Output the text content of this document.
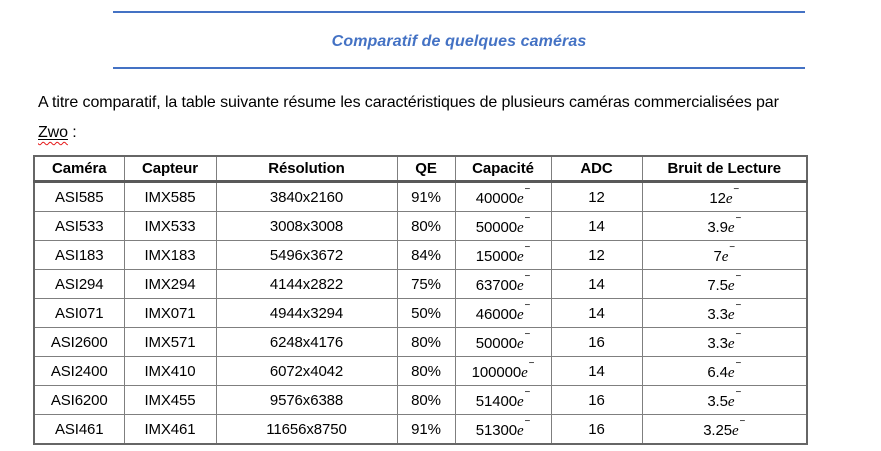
Comparatif de quelques caméras

A titre comparatif, la table suivante résume les caractéristiques de plusieurs caméras commercialisées par
Zwo :

Caméra	Capteur	Résolution	QE	Capacité	ADC	Bruit de Lecture
ASI585	IMX585	3840x2160	91%	40000e−	12	12e−
ASI533	IMX533	3008x3008	80%	50000e−	14	3.9e−
ASI183	IMX183	5496x3672	84%	15000e−	12	7e−
ASI294	IMX294	4144x2822	75%	63700e−	14	7.5e−
ASI071	IMX071	4944x3294	50%	46000e−	14	3.3e−
ASI2600	IMX571	6248x4176	80%	50000e−	16	3.3e−
ASI2400	IMX410	6072x4042	80%	100000e−	14	6.4e−
ASI6200	IMX455	9576x6388	80%	51400e−	16	3.5e−
ASI461	IMX461	11656x8750	91%	51300e−	16	3.25e−
